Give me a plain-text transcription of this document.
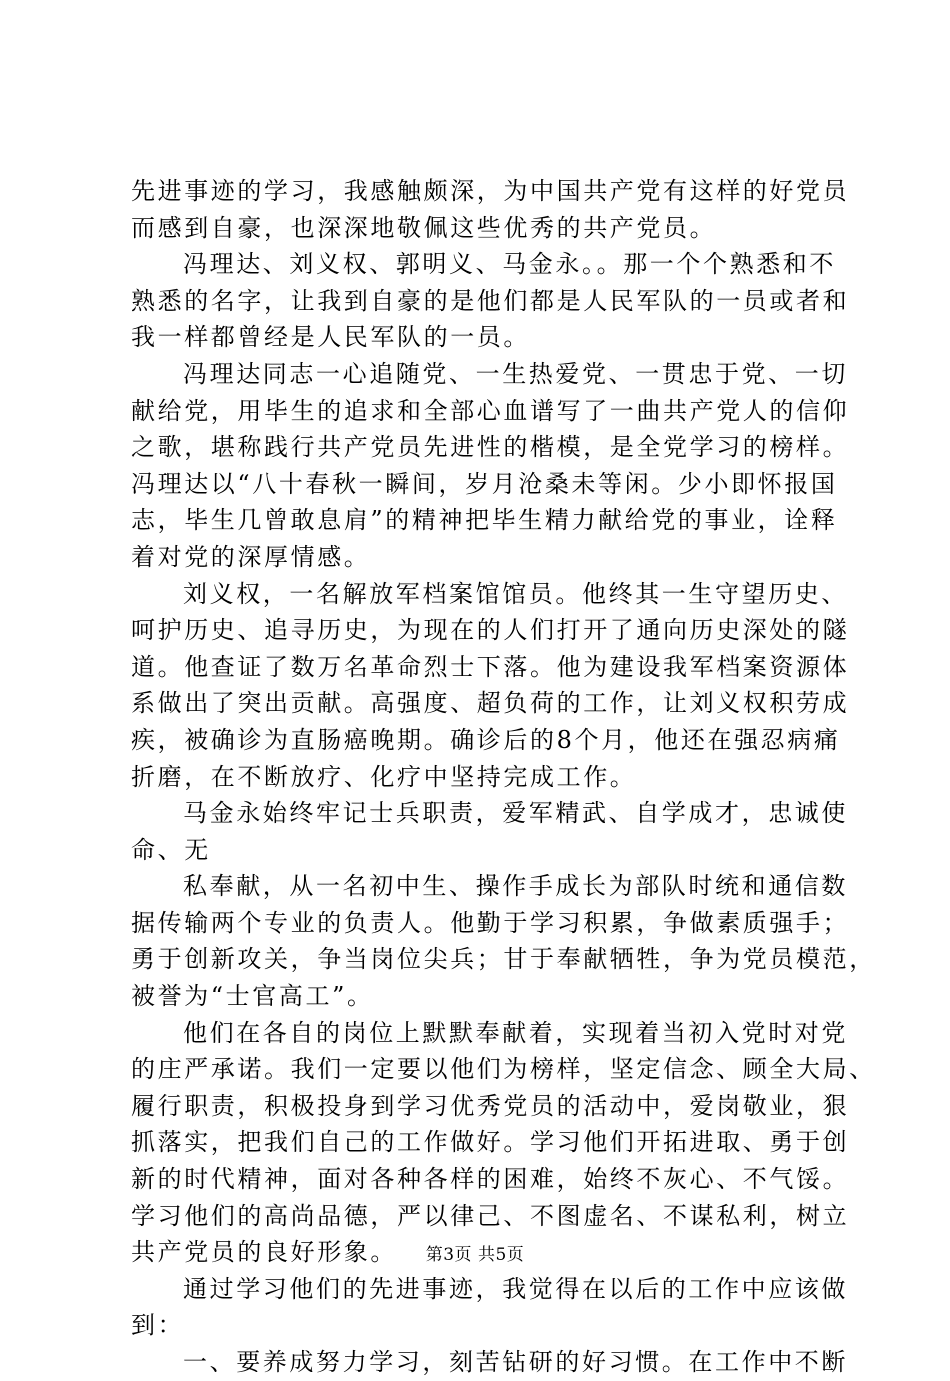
先进事迹的学习，我感触颇深，为中国共产党有这样的好党员
而感到自豪，也深深地敬佩这些优秀的共产党员。
冯理达、刘义权、郭明义、马金永。。那一个个熟悉和不
熟悉的名字，让我到自豪的是他们都是人民军队的一员或者和
我一样都曾经是人民军队的一员。
冯理达同志一心追随党、一生热爱党、一贯忠于党、一切
献给党，用毕生的追求和全部心血谱写了一曲共产党人的信仰
之歌，堪称践行共产党员先进性的楷模，是全党学习的榜样。
冯理达以“八十春秋一瞬间，岁月沧桑未等闲。少小即怀报国
志，毕生几曾敢息肩”的精神把毕生精力献给党的事业，诠释
着对党的深厚情感。
刘义权，一名解放军档案馆馆员。他终其一生守望历史、
呵护历史、追寻历史，为现在的人们打开了通向历史深处的隧
道。他查证了数万名革命烈士下落。他为建设我军档案资源体
系做出了突出贡献。高强度、超负荷的工作，让刘义权积劳成
疾，被确诊为直肠癌晚期。确诊后的8个月，他还在强忍病痛
折磨，在不断放疗、化疗中坚持完成工作。
马金永始终牢记士兵职责，爱军精武、自学成才，忠诚使
命、无
私奉献，从一名初中生、操作手成长为部队时统和通信数
据传输两个专业的负责人。他勤于学习积累，争做素质强手；
勇于创新攻关，争当岗位尖兵；甘于奉献牺牲，争为党员模范，
被誉为“士官高工”。
他们在各自的岗位上默默奉献着，实现着当初入党时对党
的庄严承诺。我们一定要以他们为榜样，坚定信念、顾全大局、
履行职责，积极投身到学习优秀党员的活动中，爱岗敬业，狠
抓落实，把我们自己的工作做好。学习他们开拓进取、勇于创
新的时代精神，面对各种各样的困难，始终不灰心、不气馁。
学习他们的高尚品德，严以律己、不图虚名、不谋私利，树立
共产党员的良好形象。
通过学习他们的先进事迹，我觉得在以后的工作中应该做
到：
一、要养成努力学习，刻苦钻研的好习惯。在工作中不断
第3页 共5页
